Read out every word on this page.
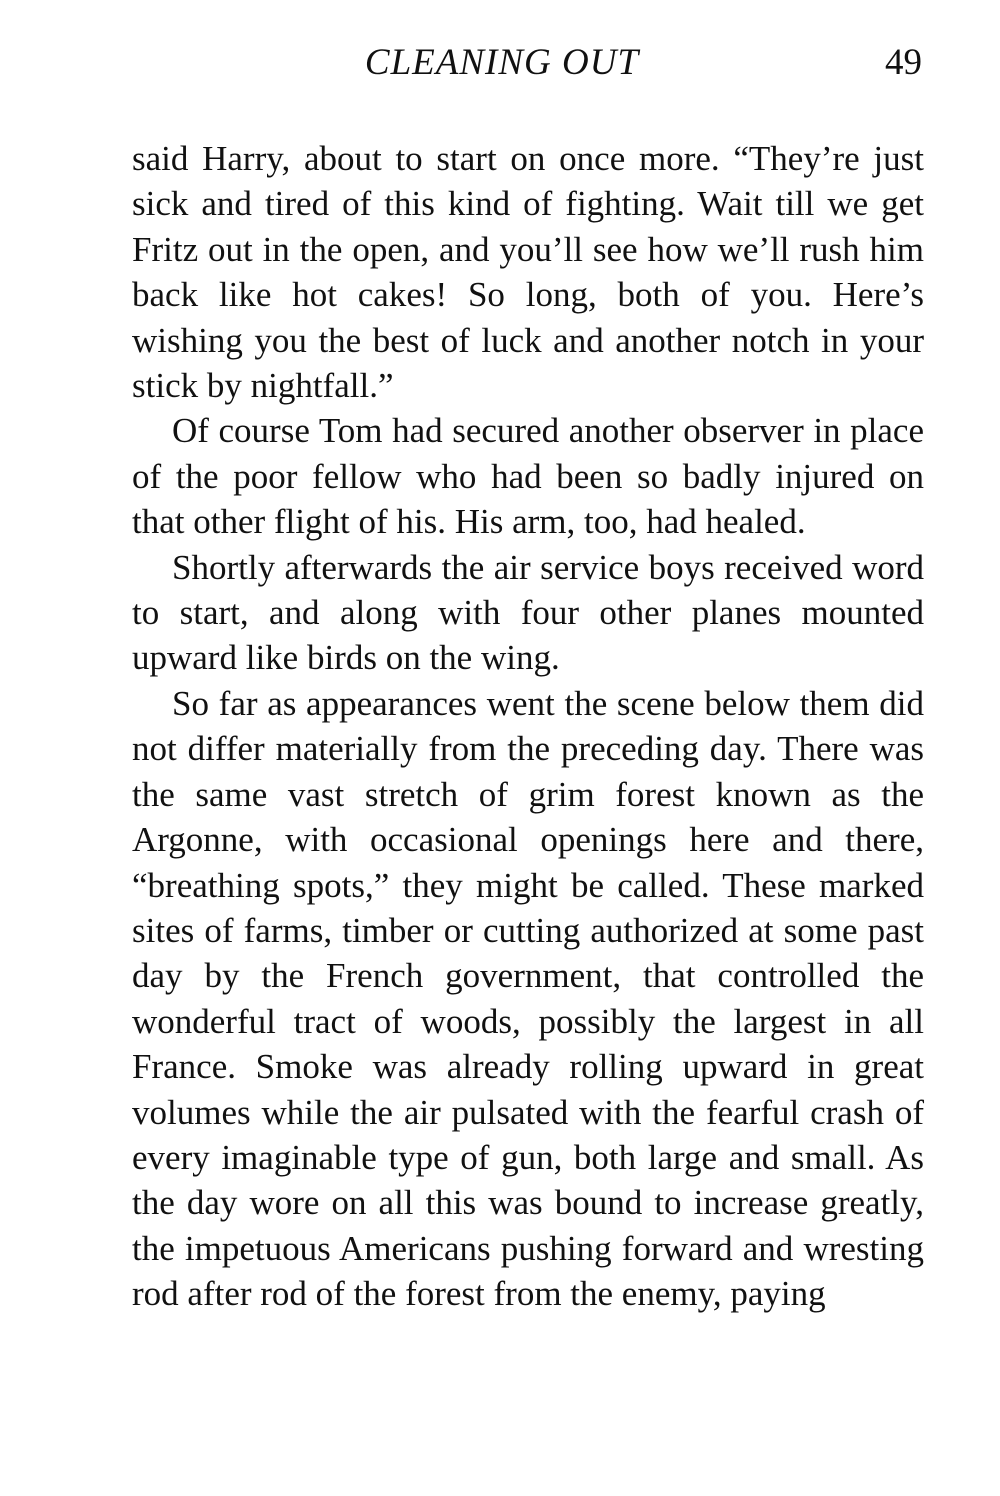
CLEANING OUT	49

said Harry, about to start on once more. “They’re just sick and tired of this kind of fighting. Wait till we get Fritz out in the open, and you’ll see how we’ll rush him back like hot cakes! So long, both of you. Here’s wishing you the best of luck and another notch in your stick by nightfall.”

Of course Tom had secured another observer in place of the poor fellow who had been so badly injured on that other flight of his. His arm, too, had healed.

Shortly afterwards the air service boys received word to start, and along with four other planes mounted upward like birds on the wing.

So far as appearances went the scene below them did not differ materially from the preceding day. There was the same vast stretch of grim forest known as the Argonne, with occasional openings here and there, “breathing spots,” they might be called. These marked sites of farms, timber or cutting authorized at some past day by the French government, that controlled the wonderful tract of woods, possibly the largest in all France. Smoke was already rolling upward in great volumes while the air pulsated with the fearful crash of every imaginable type of gun, both large and small. As the day wore on all this was bound to increase greatly, the impetuous Americans pushing forward and wresting rod after rod of the forest from the enemy, paying
